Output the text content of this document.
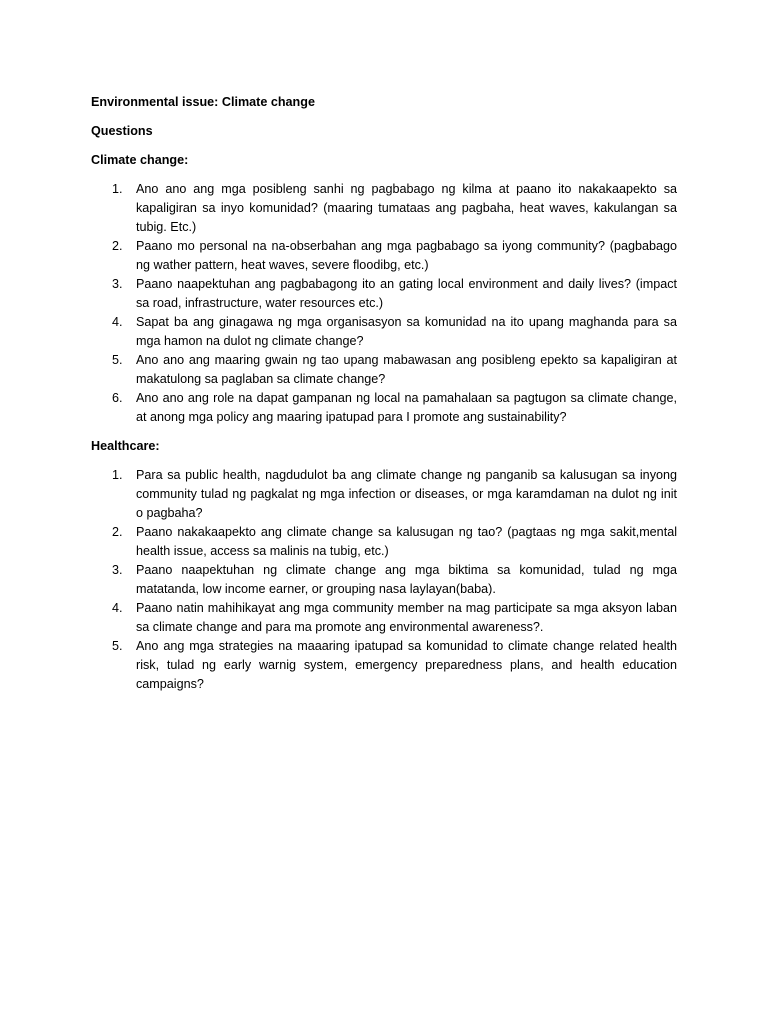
Environmental issue: Climate change
Questions
Climate change:
1. Ano ano ang mga posibleng sanhi ng pagbabago ng kilma at paano ito nakakaapekto sa kapaligiran sa inyo komunidad? (maaring tumataas ang pagbaha, heat waves, kakulangan sa tubig. Etc.)
2. Paano mo personal na na-obserbahan ang mga pagbabago sa iyong community? (pagbabago ng wather pattern, heat waves, severe floodibg, etc.)
3. Paano naapektuhan ang pagbabagong ito an gating local environment and daily lives? (impact sa road, infrastructure, water resources etc.)
4. Sapat ba ang ginagawa ng mga organisasyon sa komunidad na ito upang maghanda para sa mga hamon na dulot ng climate change?
5. Ano ano ang maaring gwain ng tao upang mabawasan ang posibleng epekto sa kapaligiran at makatulong sa paglaban sa climate change?
6. Ano ano ang role na dapat gampanan ng local na pamahalaan sa pagtugon sa climate change, at anong mga policy ang maaring ipatupad para I promote ang sustainability?
Healthcare:
1. Para sa public health, nagdudulot ba ang climate change ng panganib sa kalusugan sa inyong community tulad ng pagkalat ng mga infection or diseases, or mga karamdaman na dulot ng init o pagbaha?
2. Paano nakakaapekto ang climate change sa kalusugan ng tao? (pagtaas ng mga sakit,mental health issue, access sa malinis na tubig, etc.)
3. Paano naapektuhan ng climate change ang mga biktima sa komunidad, tulad ng mga matatanda, low income earner, or grouping nasa laylayan(baba).
4. Paano natin mahihikayat ang mga community member na mag participate sa mga aksyon laban sa climate change and para ma promote ang environmental awareness?.
5. Ano ang mga strategies na maaaring ipatupad sa komunidad to climate change related health risk, tulad ng early warnig system, emergency preparedness plans, and health education campaigns?
